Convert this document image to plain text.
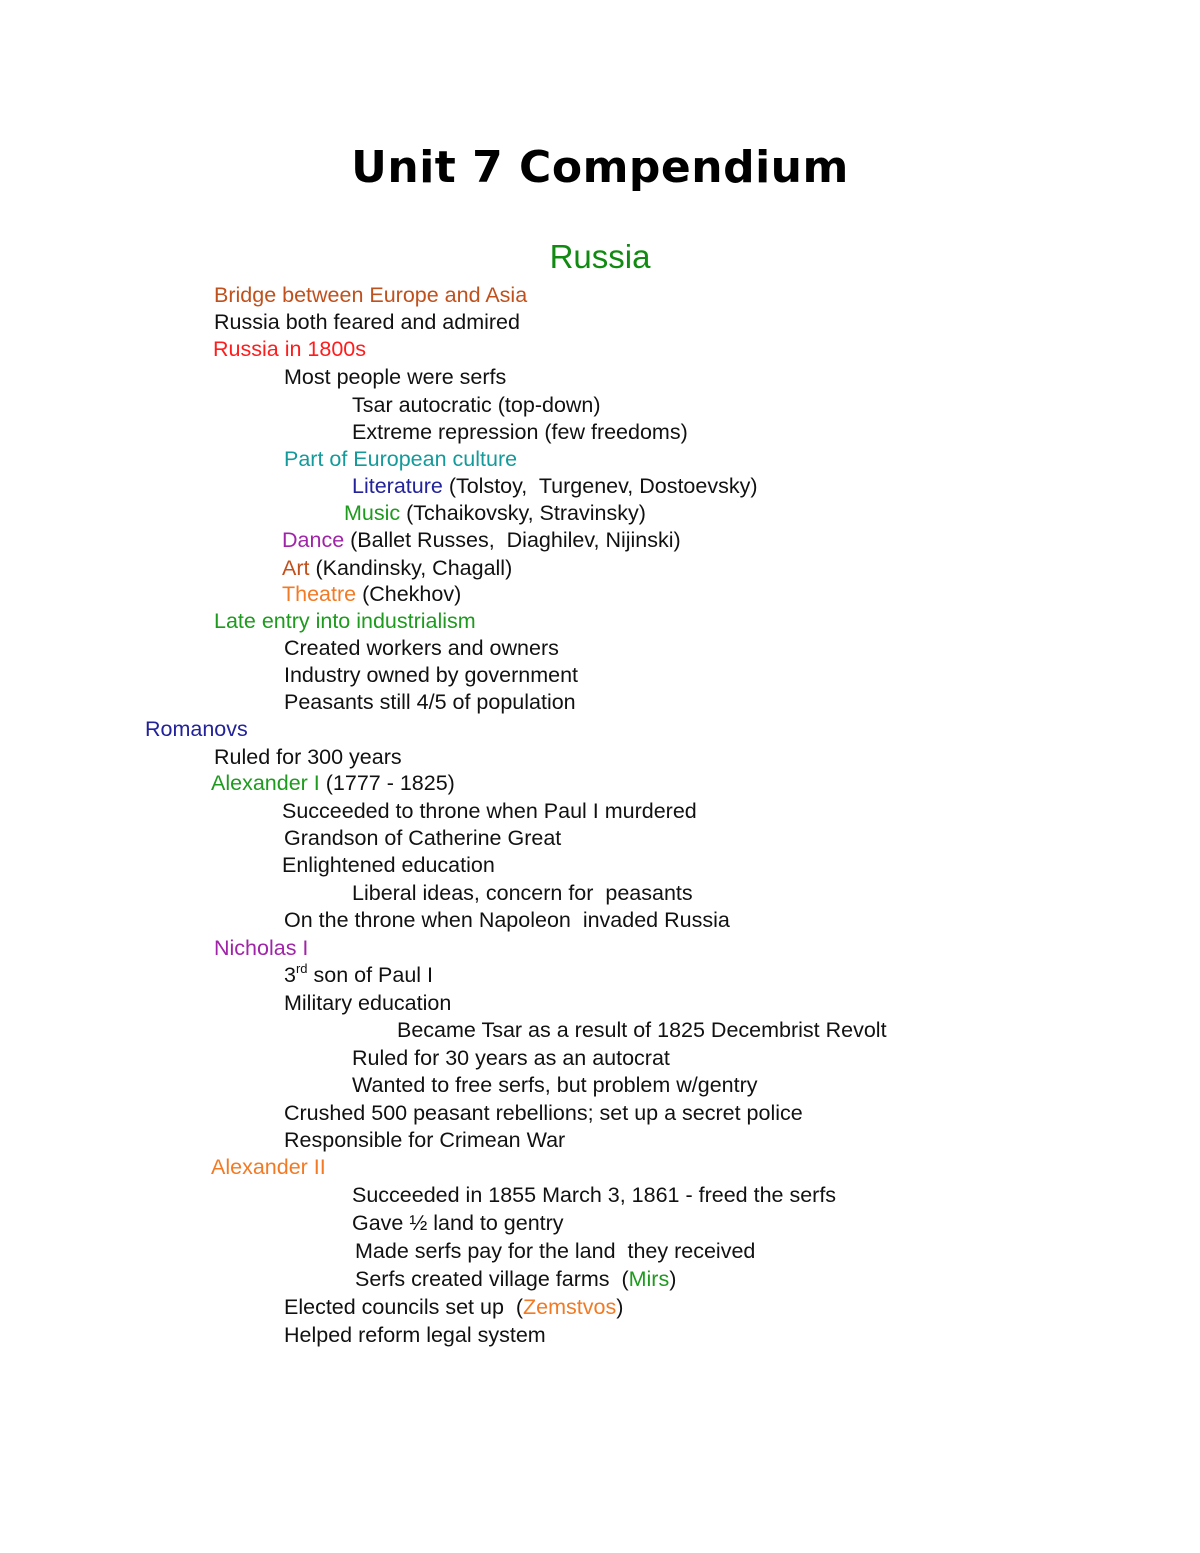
Unit 7 Compendium
Russia

Bridge between Europe and Asia

Russia both feared and admired

Russia in 1800s

Most people were serfs

Tsar autocratic (top-down)

Extreme repression (few freedoms)

Part of European culture

Literature (Tolstoy,  Turgenev, Dostoevsky)

Music (Tchaikovsky, Stravinsky)

Dance (Ballet Russes,  Diaghilev, Nijinski)

Art (Kandinsky, Chagall)

Theatre (Chekhov)

Late entry into industrialism

Created workers and owners

Industry owned by government

Peasants still 4/5 of population

Romanovs

Ruled for 300 years

Alexander I (1777 - 1825)

Succeeded to throne when Paul I murdered

Grandson of Catherine Great

Enlightened education

Liberal ideas, concern for  peasants

On the throne when Napoleon  invaded Russia

Nicholas I

3rd son of Paul I

Military education

Became Tsar as a result of 1825 Decembrist Revolt

Ruled for 30 years as an autocrat

Wanted to free serfs, but problem w/gentry

Crushed 500 peasant rebellions; set up a secret police

Responsible for Crimean War

Alexander II

Succeeded in 1855 March 3, 1861 - freed the serfs

Gave ½ land to gentry

Made serfs pay for the land  they received

Serfs created village farms  (Mirs)

Elected councils set up  (Zemstvos)

Helped reform legal system
